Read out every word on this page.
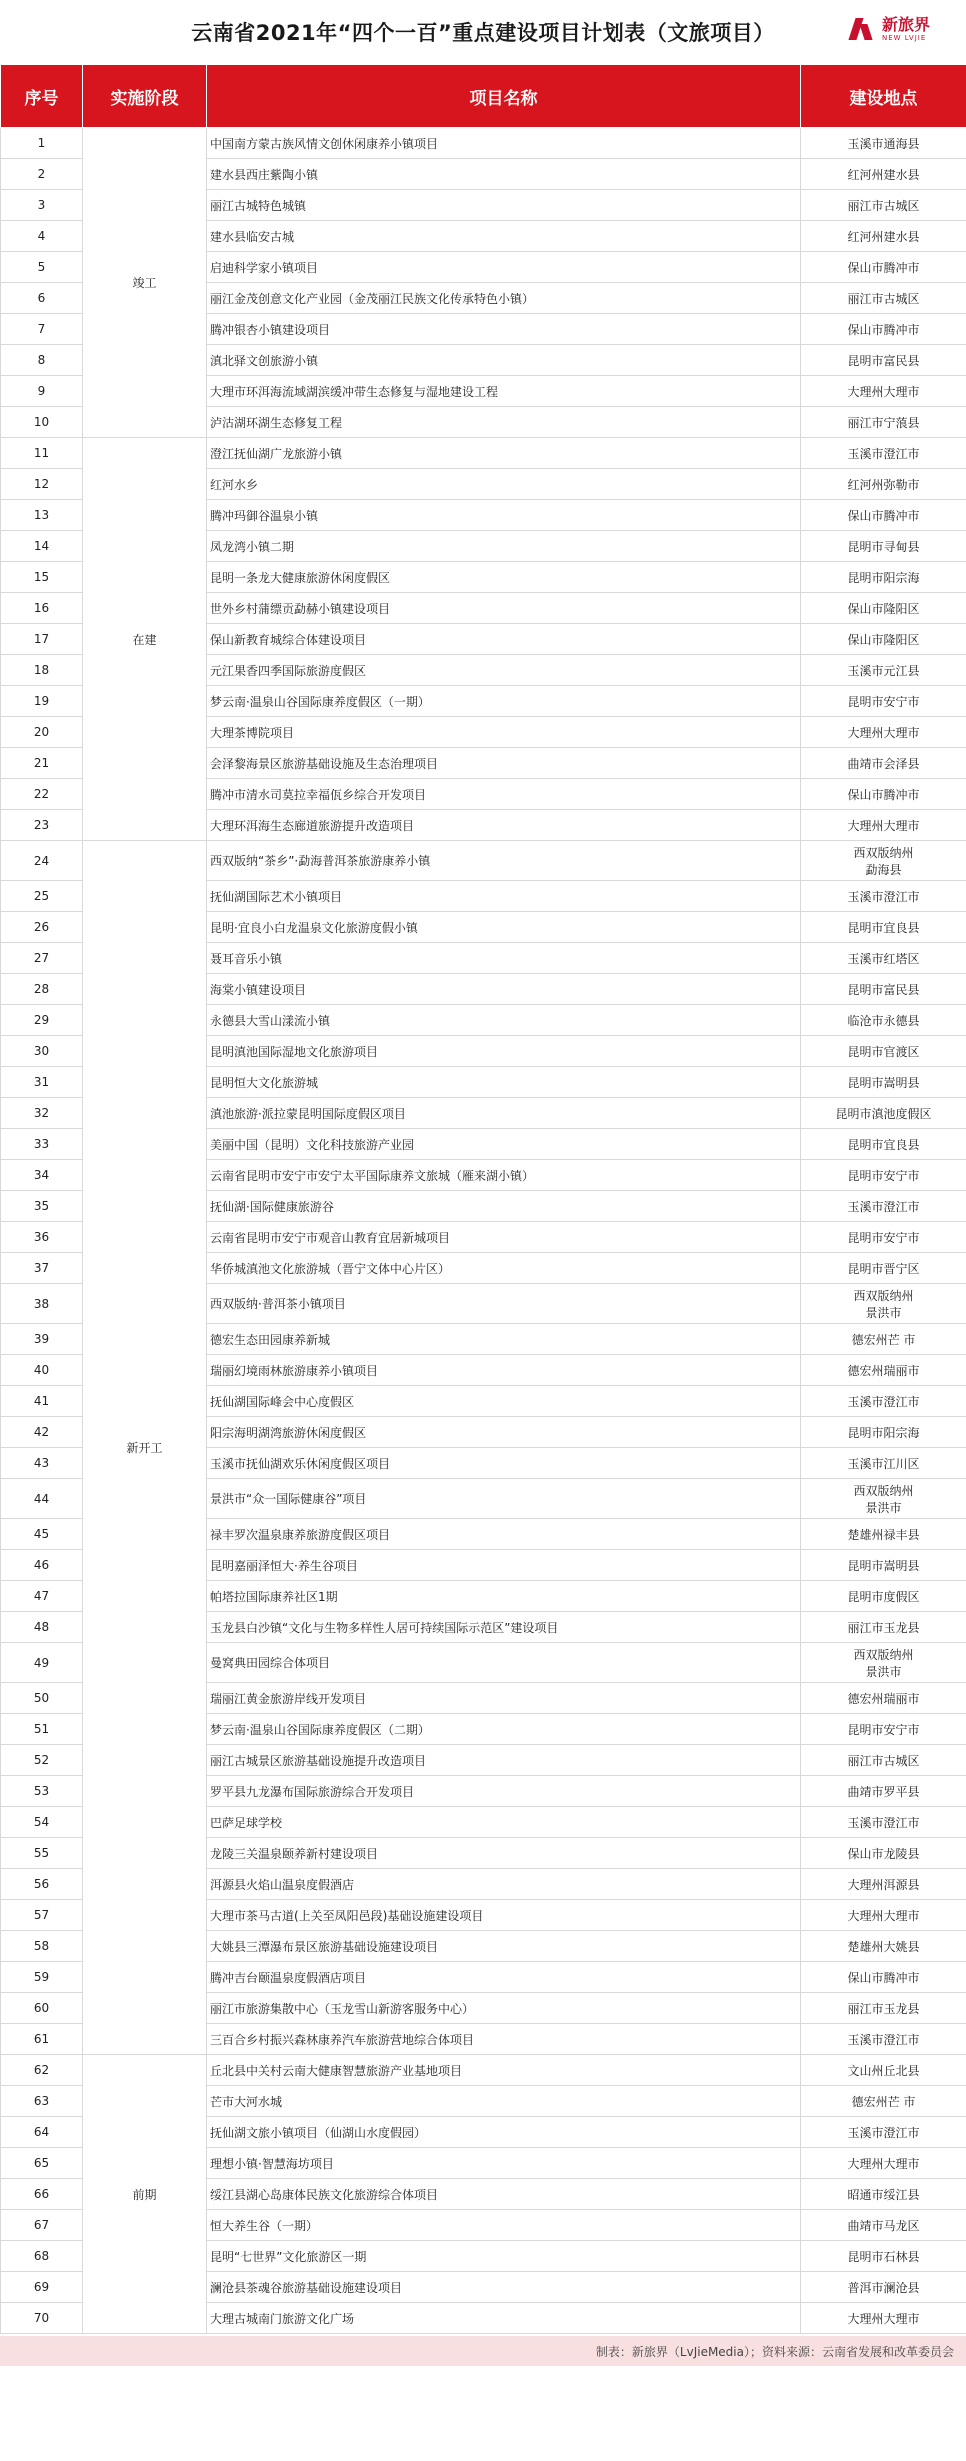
云南省2021年“四个一百”重点建设项目计划表（文旅项目）	新旅界
NEW LVJIE
序号	实施阶段	项目名称	建设地点
1	竣工	中国南方蒙古族风情文创休闲康养小镇项目	玉溪市通海县
2		建水县西庄紫陶小镇	红河州建水县
3		丽江古城特色城镇	丽江市古城区
4		建水县临安古城	红河州建水县
5		启迪科学家小镇项目	保山市腾冲市
6		丽江金茂创意文化产业园（金茂丽江民族文化传承特色小镇）	丽江市古城区
7		腾冲银杏小镇建设项目	保山市腾冲市
8		滇北驿文创旅游小镇	昆明市富民县
9		大理市环洱海流域湖滨缓冲带生态修复与湿地建设工程	大理州大理市
10		泸沽湖环湖生态修复工程	丽江市宁蒗县
11	在建	澄江抚仙湖广龙旅游小镇	玉溪市澄江市
12		红河水乡	红河州弥勒市
13		腾冲玛御谷温泉小镇	保山市腾冲市
14		凤龙湾小镇二期	昆明市寻甸县
15		昆明一条龙大健康旅游休闲度假区	昆明市阳宗海
16		世外乡村蒲缥贡勐赫小镇建设项目	保山市隆阳区
17		保山新教育城综合体建设项目	保山市隆阳区
18		元江果香四季国际旅游度假区	玉溪市元江县
19		梦云南·温泉山谷国际康养度假区（一期）	昆明市安宁市
20		大理茶博院项目	大理州大理市
21		会泽黎海景区旅游基础设施及生态治理项目	曲靖市会泽县
22		腾冲市清水司莫拉幸福佤乡综合开发项目	保山市腾冲市
23		大理环洱海生态廊道旅游提升改造项目	大理州大理市
24	新开工	西双版纳“茶乡”·勐海普洱茶旅游康养小镇	西双版纳州
勐海县
25		抚仙湖国际艺术小镇项目	玉溪市澄江市
26		昆明·宜良小白龙温泉文化旅游度假小镇	昆明市宜良县
27		聂耳音乐小镇	玉溪市红塔区
28		海棠小镇建设项目	昆明市富民县
29		永德县大雪山漾流小镇	临沧市永德县
30		昆明滇池国际湿地文化旅游项目	昆明市官渡区
31		昆明恒大文化旅游城	昆明市嵩明县
32		滇池旅游·派拉蒙昆明国际度假区项目	昆明市滇池度假区
33		美丽中国（昆明）文化科技旅游产业园	昆明市宜良县
34		云南省昆明市安宁市安宁太平国际康养文旅城（雁来湖小镇）	昆明市安宁市
35		抚仙湖·国际健康旅游谷	玉溪市澄江市
36		云南省昆明市安宁市观音山教育宜居新城项目	昆明市安宁市
37		华侨城滇池文化旅游城（晋宁文体中心片区）	昆明市晋宁区
38		西双版纳·普洱茶小镇项目	西双版纳州
景洪市
39		德宏生态田园康养新城	德宏州芒 市
40		瑞丽幻境雨林旅游康养小镇项目	德宏州瑞丽市
41		抚仙湖国际峰会中心度假区	玉溪市澄江市
42		阳宗海明湖湾旅游休闲度假区	昆明市阳宗海
43		玉溪市抚仙湖欢乐休闲度假区项目	玉溪市江川区
44		景洪市“众一国际健康谷”项目	西双版纳州
景洪市
45		禄丰罗次温泉康养旅游度假区项目	楚雄州禄丰县
46		昆明嘉丽泽恒大·养生谷项目	昆明市嵩明县
47		帕塔拉国际康养社区1期	昆明市度假区
48		玉龙县白沙镇“文化与生物多样性人居可持续国际示范区”建设项目	丽江市玉龙县
49		曼窝典田园综合体项目	西双版纳州
景洪市
50		瑞丽江黄金旅游岸线开发项目	德宏州瑞丽市
51		梦云南·温泉山谷国际康养度假区（二期）	昆明市安宁市
52		丽江古城景区旅游基础设施提升改造项目	丽江市古城区
53		罗平县九龙瀑布国际旅游综合开发项目	曲靖市罗平县
54		巴萨足球学校	玉溪市澄江市
55		龙陵三关温泉颐养新村建设项目	保山市龙陵县
56		洱源县火焰山温泉度假酒店	大理州洱源县
57		大理市茶马古道(上关至凤阳邑段)基础设施建设项目	大理州大理市
58		大姚县三潭瀑布景区旅游基础设施建设项目	楚雄州大姚县
59		腾冲吉台颐温泉度假酒店项目	保山市腾冲市
60		丽江市旅游集散中心（玉龙雪山新游客服务中心）	丽江市玉龙县
61		三百合乡村振兴森林康养汽车旅游营地综合体项目	玉溪市澄江市
62	前期	丘北县中关村云南大健康智慧旅游产业基地项目	文山州丘北县
63		芒市大河水城	德宏州芒 市
64		抚仙湖文旅小镇项目（仙湖山水度假园）	玉溪市澄江市
65		理想小镇·智慧海坊项目	大理州大理市
66		绥江县湖心岛康体民族文化旅游综合体项目	昭通市绥江县
67		恒大养生谷（一期）	曲靖市马龙区
68		昆明“七世界”文化旅游区一期	昆明市石林县
69		澜沧县茶魂谷旅游基础设施建设项目	普洱市澜沧县
70		大理古城南门旅游文化广场	大理州大理市
制表：新旅界（LvJieMedia）；资料来源：云南省发展和改革委员会
